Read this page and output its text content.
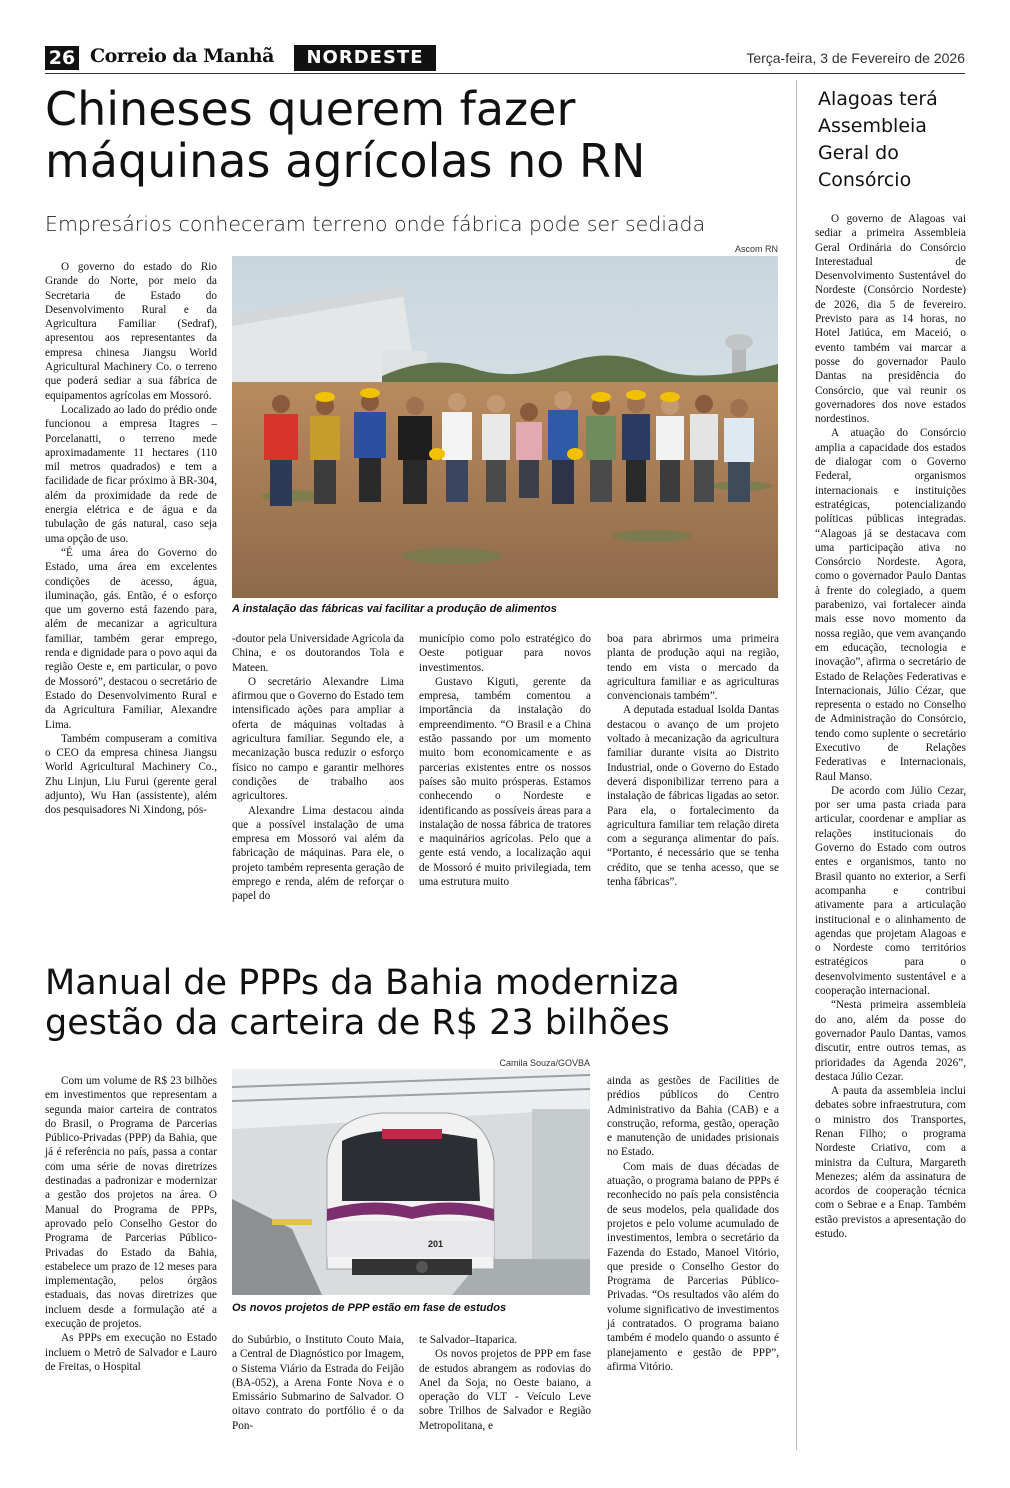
26 Correio da Manhã	NORDESTE	Terça-feira, 3 de Fevereiro de 2026
Chineses querem fazer
máquinas agrícolas no RN

Empresários conheceram terreno onde fábrica pode ser sediada

Ascom RN
A instalação das fábricas vai facilitar a produção de alimentos

O governo do estado do Rio Grande do Norte, por meio da Secretaria de Estado do Desenvolvimento Rural e da Agricultura Familiar (Sedraf), apresentou aos representantes da empresa chinesa Jiangsu World Agricultural Machinery Co. o terreno que poderá sediar a sua fábrica de equipamentos agrícolas em Mossoró.

Localizado ao lado do prédio onde funcionou a empresa Itagres – Porcelanatti, o terreno mede aproximadamente 11 hectares (110 mil metros quadrados) e tem a facilidade de ficar próximo à BR-304, além da proximidade da rede de energia elétrica e de água e da tubulação de gás natural, caso seja uma opção de uso.

“É uma área do Governo do Estado, uma área em excelentes condições de acesso, água, iluminação, gás. Então, é o esforço que um governo está fazendo para, além de mecanizar a agricultura familiar, também gerar emprego, renda e dignidade para o povo aqui da região Oeste e, em particular, o povo de Mossoró”, destacou o secretário de Estado do Desenvolvimento Rural e da Agricultura Familiar, Alexandre Lima.

Também compuseram a comitiva o CEO da empresa chinesa Jiangsu World Agricultural Machinery Co., Zhu Linjun, Liu Furui (gerente geral adjunto), Wu Han (assistente), além dos pesquisadores Ni Xindong, pós-

-doutor pela Universidade Agrícola da China, e os doutorandos Tola e Mateen.

O secretário Alexandre Lima afirmou que o Governo do Estado tem intensificado ações para ampliar a oferta de máquinas voltadas à agricultura familiar. Segundo ele, a mecanização busca reduzir o esforço físico no campo e garantir melhores condições de trabalho aos agricultores.

Alexandre Lima destacou ainda que a possível instalação de uma empresa em Mossoró vai além da fabricação de máquinas. Para ele, o projeto também representa geração de emprego e renda, além de reforçar o papel do

município como polo estratégico do Oeste potiguar para novos investimentos.

Gustavo Kiguti, gerente da empresa, também comentou a importância da instalação do empreendimento. “O Brasil e a China estão passando por um momento muito bom economicamente e as parcerias existentes entre os nossos países são muito prósperas. Estamos conhecendo o Nordeste e identificando as possíveis áreas para a instalação de nossa fábrica de tratores e maquinários agrícolas. Pelo que a gente está vendo, a localização aqui de Mossoró é muito privilegiada, tem uma estrutura muito

boa para abrirmos uma primeira planta de produção aqui na região, tendo em vista o mercado da agricultura familiar e as agriculturas convencionais também”.

A deputada estadual Isolda Dantas destacou o avanço de um projeto voltado à mecanização da agricultura familiar durante visita ao Distrito Industrial, onde o Governo do Estado deverá disponibilizar terreno para a instalação de fábricas ligadas ao setor. Para ela, o fortalecimento da agricultura familiar tem relação direta com a segurança alimentar do país. “Portanto, é necessário que se tenha crédito, que se tenha acesso, que se tenha fábricas”.

Manual de PPPs da Bahia moderniza
gestão da carteira de R$ 23 bilhões
Camila Souza/GOVBA
201
Os novos projetos de PPP estão em fase de estudos

Com um volume de R$ 23 bilhões em investimentos que representam a segunda maior carteira de contratos do Brasil, o Programa de Parcerias Público-Privadas (PPP) da Bahia, que já é referência no país, passa a contar com uma série de novas diretrizes destinadas a padronizar e modernizar a gestão dos projetos na área. O Manual do Programa de PPPs, aprovado pelo Conselho Gestor do Programa de Parcerias Público-Privadas do Estado da Bahia, estabelece um prazo de 12 meses para implementação, pelos órgãos estaduais, das novas diretrizes que incluem desde a formulação até a execução de projetos.

As PPPs em execução no Estado incluem o Metrô de Salvador e Lauro de Freitas, o Hospital

do Subúrbio, o Instituto Couto Maia, a Central de Diagnóstico por Imagem, o Sistema Viário da Estrada do Feijão (BA-052), a Arena Fonte Nova e o Emissário Submarino de Salvador. O oitavo contrato do portfólio é o da Pon-

te Salvador–Itaparica.

Os novos projetos de PPP em fase de estudos abrangem as rodovias do Anel da Soja, no Oeste baiano, a operação do VLT - Veículo Leve sobre Trilhos de Salvador e Região Metropolitana, e

ainda as gestões de Facilities de prédios públicos do Centro Administrativo da Bahia (CAB) e a construção, reforma, gestão, operação e manutenção de unidades prisionais no Estado.

Com mais de duas décadas de atuação, o programa baiano de PPPs é reconhecido no país pela consistência de seus modelos, pela qualidade dos projetos e pelo volume acumulado de investimentos, lembra o secretário da Fazenda do Estado, Manoel Vitório, que preside o Conselho Gestor do Programa de Parcerias Público-Privadas. “Os resultados vão além do volume significativo de investimentos já contratados. O programa baiano também é modelo quando o assunto é planejamento e gestão de PPP”, afirma Vitório.

Alagoas terá Assembleia Geral do Consórcio

O governo de Alagoas vai sediar a primeira Assembleia Geral Ordinária do Consórcio Interestadual de Desenvolvimento Sustentável do Nordeste (Consórcio Nordeste) de 2026, dia 5 de fevereiro. Previsto para as 14 horas, no Hotel Jatiúca, em Maceió, o evento também vai marcar a posse do governador Paulo Dantas na presidência do Consórcio, que vai reunir os governadores dos nove estados nordestinos.

A atuação do Consórcio amplia a capacidade dos estados de dialogar com o Governo Federal, organismos internacionais e instituições estratégicas, potencializando políticas públicas integradas. “Alagoas já se destacava com uma participação ativa no Consórcio Nordeste. Agora, como o governador Paulo Dantas à frente do colegiado, a quem parabenizo, vai fortalecer ainda mais esse novo momento da nossa região, que vem avançando em educação, tecnologia e inovação”, afirma o secretário de Estado de Relações Federativas e Internacionais, Júlio Cézar, que representa o estado no Conselho de Administração do Consórcio, tendo como suplente o secretário Executivo de Relações Federativas e Internacionais, Raul Manso.

De acordo com Júlio Cezar, por ser uma pasta criada para articular, coordenar e ampliar as relações institucionais do Governo do Estado com outros entes e organismos, tanto no Brasil quanto no exterior, a Serfi acompanha e contribui ativamente para a articulação institucional e o alinhamento de agendas que projetam Alagoas e o Nordeste como territórios estratégicos para o desenvolvimento sustentável e a cooperação internacional.

“Nesta primeira assembleia do ano, além da posse do governador Paulo Dantas, vamos discutir, entre outros temas, as prioridades da Agenda 2026”, destaca Júlio Cezar.

A pauta da assembleia inclui debates sobre infraestrutura, com o ministro dos Transportes, Renan Filho; o programa Nordeste Criativo, com a ministra da Cultura, Margareth Menezes; além da assinatura de acordos de cooperação técnica com o Sebrae e a Enap. Também estão previstos a apresentação do estudo.
